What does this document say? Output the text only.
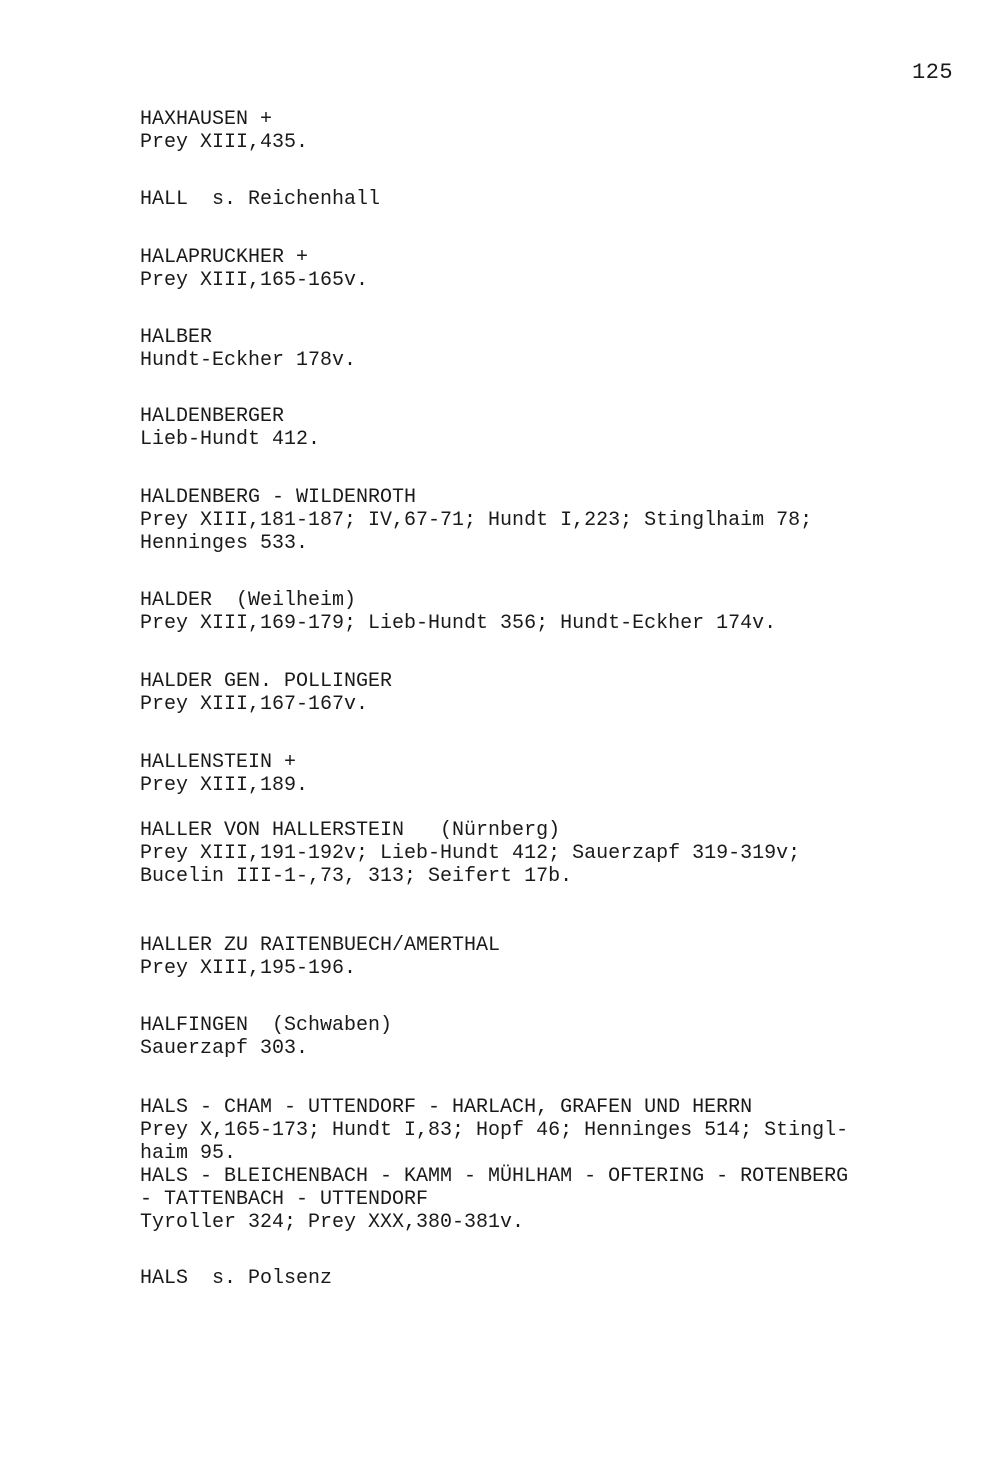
125
HAXHAUSEN +
Prey XIII,435.
HALL  s. Reichenhall
HALAPRUCKHER +
Prey XIII,165-165v.
HALBER
Hundt-Eckher 178v.
HALDENBERGER
Lieb-Hundt 412.
HALDENBERG - WILDENROTH
Prey XIII,181-187; IV,67-71; Hundt I,223; Stinglhaim 78;
Henninges 533.
HALDER  (Weilheim)
Prey XIII,169-179; Lieb-Hundt 356; Hundt-Eckher 174v.
HALDER GEN. POLLINGER
Prey XIII,167-167v.
HALLENSTEIN +
Prey XIII,189.
HALLER VON HALLERSTEIN   (Nürnberg)
Prey XIII,191-192v; Lieb-Hundt 412; Sauerzapf 319-319v;
Bucelin III-1-,73, 313; Seifert 17b.
HALLER ZU RAITENBUECH/AMERTHAL
Prey XIII,195-196.
HALFINGEN  (Schwaben)
Sauerzapf 303.
HALS - CHAM - UTTENDORF - HARLACH, GRAFEN UND HERRN
Prey X,165-173; Hundt I,83; Hopf 46; Henninges 514; Stingl-
haim 95.
HALS - BLEICHENBACH - KAMM - MÜHLHAM - OFTERING - ROTENBERG
- TATTENBACH - UTTENDORF
Tyroller 324; Prey XXX,380-381v.
HALS  s. Polsenz
